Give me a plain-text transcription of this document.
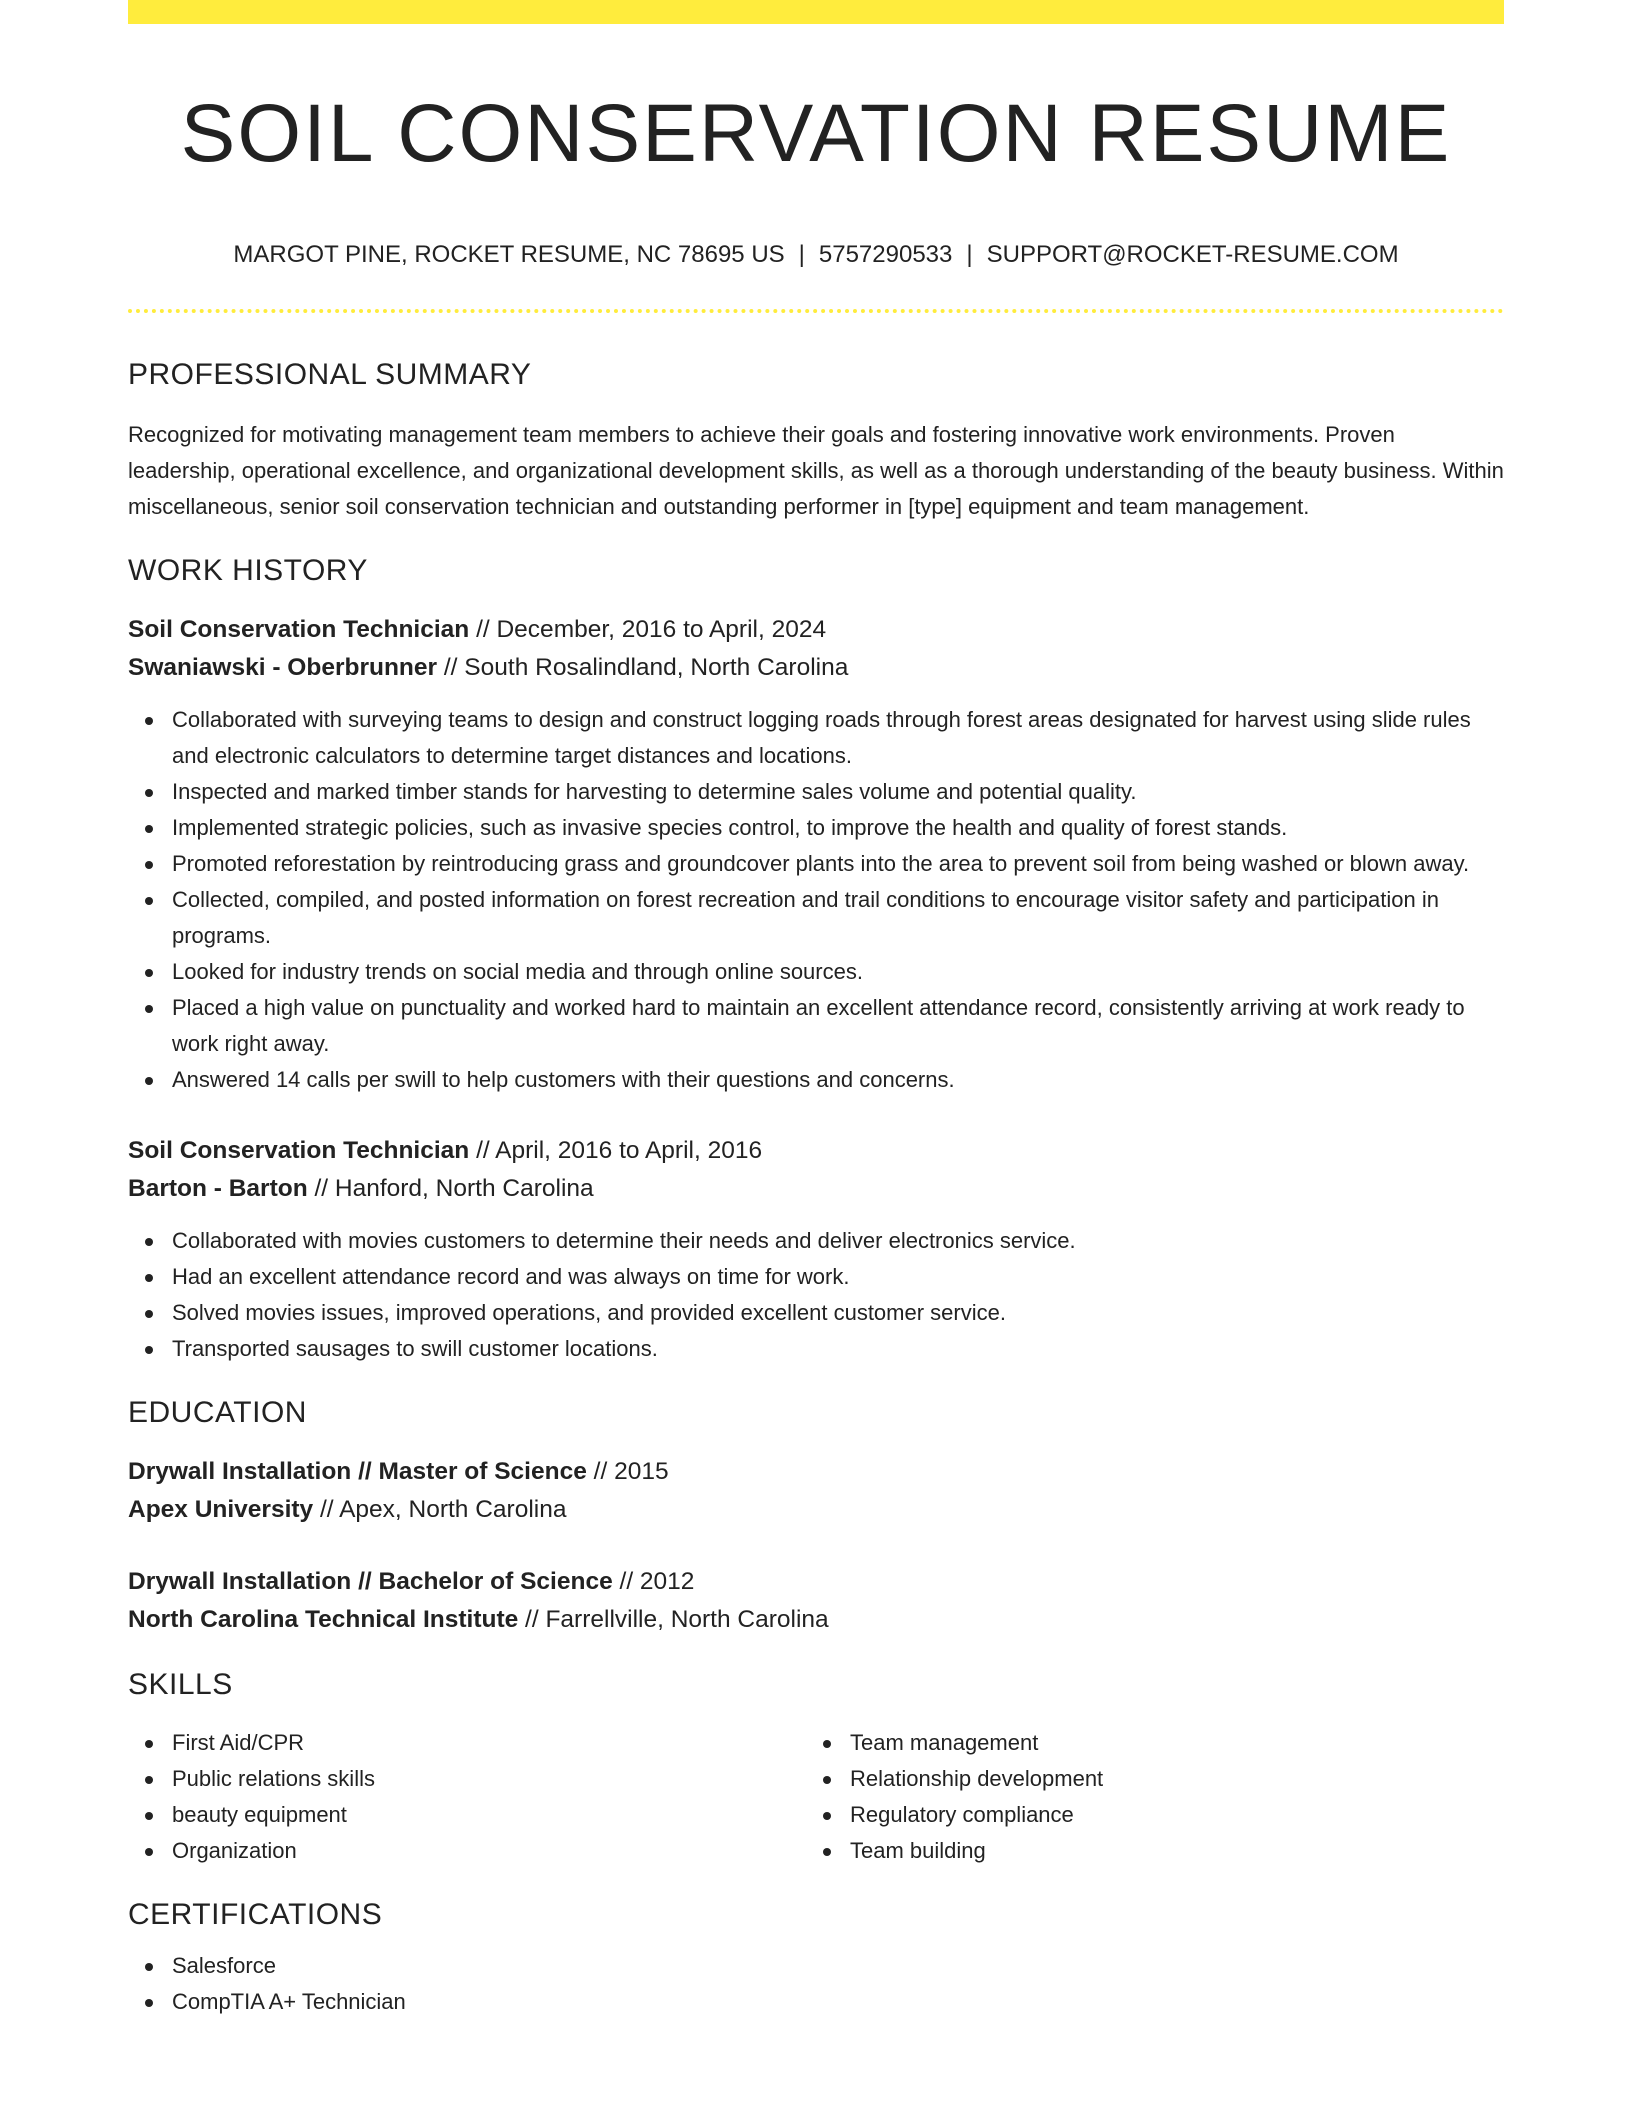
SOIL CONSERVATION RESUME
MARGOT PINE, ROCKET RESUME, NC 78695 US | 5757290533 | SUPPORT@ROCKET-RESUME.COM
PROFESSIONAL SUMMARY

Recognized for motivating management team members to achieve their goals and fostering innovative work environments. Proven leadership, operational excellence, and organizational development skills, as well as a thorough understanding of the beauty business. Within miscellaneous, senior soil conservation technician and outstanding performer in [type] equipment and team management.

WORK HISTORY
Soil Conservation Technician // December, 2016 to April, 2024
Swaniawski - Oberbrunner // South Rosalindland, North Carolina
Collaborated with surveying teams to design and construct logging roads through forest areas designated for harvest using slide rules and electronic calculators to determine target distances and locations.
Inspected and marked timber stands for harvesting to determine sales volume and potential quality.
Implemented strategic policies, such as invasive species control, to improve the health and quality of forest stands.
Promoted reforestation by reintroducing grass and groundcover plants into the area to prevent soil from being washed or blown away.
Collected, compiled, and posted information on forest recreation and trail conditions to encourage visitor safety and participation in programs.
Looked for industry trends on social media and through online sources.
Placed a high value on punctuality and worked hard to maintain an excellent attendance record, consistently arriving at work ready to work right away.
Answered 14 calls per swill to help customers with their questions and concerns.
Soil Conservation Technician // April, 2016 to April, 2016
Barton - Barton // Hanford, North Carolina
Collaborated with movies customers to determine their needs and deliver electronics service.
Had an excellent attendance record and was always on time for work.
Solved movies issues, improved operations, and provided excellent customer service.
Transported sausages to swill customer locations.
EDUCATION
Drywall Installation // Master of Science // 2015
Apex University // Apex, North Carolina
Drywall Installation // Bachelor of Science // 2012
North Carolina Technical Institute // Farrellville, North Carolina
SKILLS
First Aid/CPR
Public relations skills
beauty equipment
Organization
Team management
Relationship development
Regulatory compliance
Team building
CERTIFICATIONS
Salesforce
CompTIA A+ Technician
